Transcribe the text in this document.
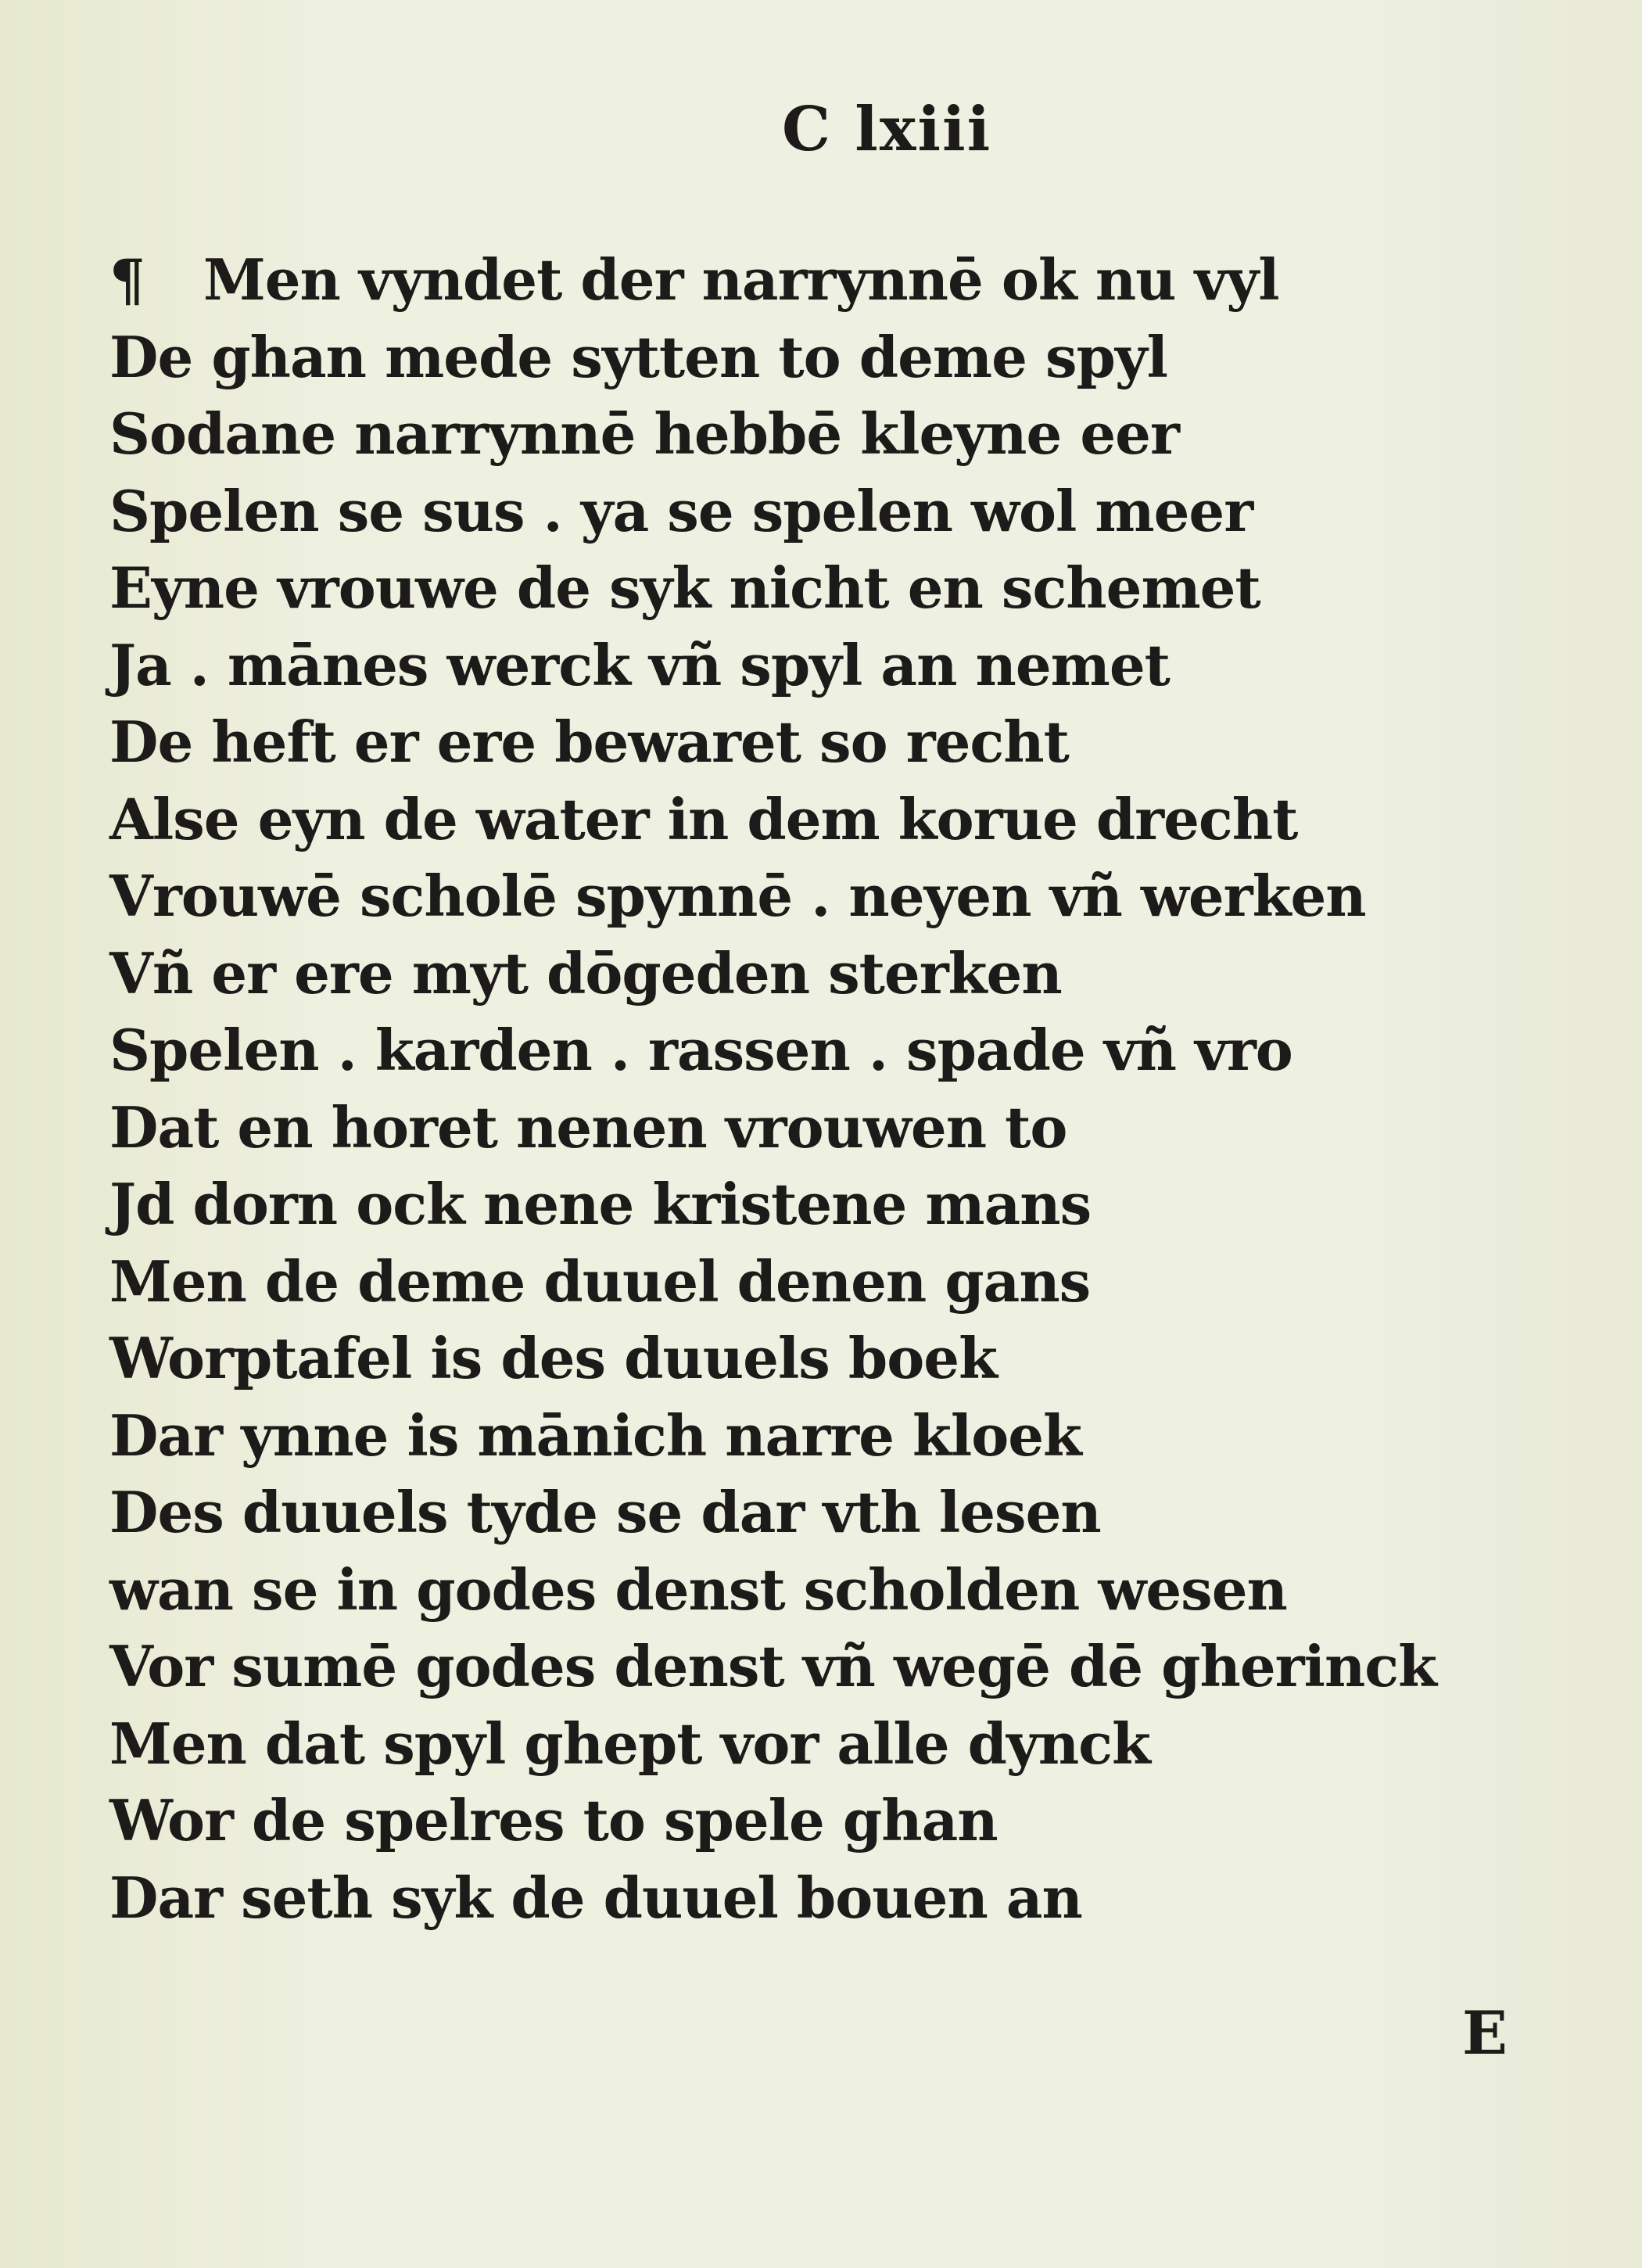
C lxiii
¶	Men vyndet der narrynnē ok nu vyl
De ghan mede sytten to deme spyl
Sodane narrynnē hebbē kleyne eer
Spelen se sus . ya se spelen wol meer
Eyne vrouwe de syk nicht en schemet
Ja . mānes werck vñ spyl an nemet
De heft er ere bewaret so recht
Alse eyn de water in dem korue drecht
Vrouwē scholē spynnē . neyen vñ werken
Vñ er ere myt dōgeden sterken
Spelen . karden . rassen . spade vñ vro
Dat en horet nenen vrouwen to
Jd dorn ock nene kristene mans
Men de deme duuel denen gans
Worptafel is des duuels boek
Dar ynne is mānich narre kloek
Des duuels tyde se dar vth lesen
wan se in godes denst scholden wesen
Vor sumē godes denst vñ wegē dē gherinck
Men dat spyl ghept vor alle dynck
Wor de spelres to spele ghan
Dar seth syk de duuel bouen an
E
